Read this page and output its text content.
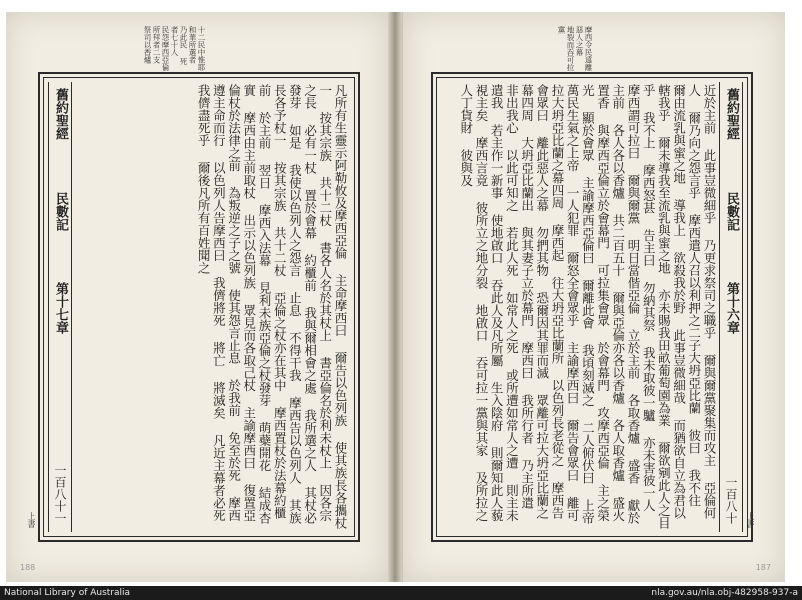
十二民中惟耶和華所選者 乃此民 死者七十人 民怨摩西亞倫 所拜者二支 祭司以香爐
舊約聖經
民數記
第十七章
一百八十一	凡所有生靈示阿勒攸及摩西亞倫 主命摩西曰 爾告以色列族 使其族長各攜杖一 按其宗族 共十二杖 書各人名於其杖上 書亞倫名於利未杖上 因各宗之長 必有一杖 置於會幕 約櫃前 我與爾相會之處 我所選之人 其杖必發芽 如是 我使以色列人之怨言 止息 不得干我 摩西告以色列人 其族長各予杖一 按其宗族 共十二杖 亞倫之杖亦在其中 摩西置杖於法幕約櫃前 於主前 翌日 摩西入法幕 見利未族亞倫之杖發芽 萌蘗開花 結成杏實 摩西由主前取杖 出示以色列族 眾見而各取己杖 主諭摩西曰 復置亞倫杖於法律之前 為叛逆之子之號 使其怨言止息 於我前 免至於死 摩西遵主命而行 以色列人告摩西曰 我儕將死 將亡 將滅矣 凡近主幕者必死 我儕盡死乎 爾後凡所有百姓聞之

上書
188
摩西令民遠離惡人之幕 地裂而吞可拉黨
舊約聖經
民數記
第十六章
一百八十

近於主前 此事豈微細乎 乃更求祭司之職乎 爾與爾黨聚集而攻主 亞倫何人 爾乃向之怨言乎 摩西遣人召以利押之二子大坍亞比蘭 彼曰 我不往 爾由流乳與蜜之地 導我上 欲殺我於野 此事豈微細哉 而猶欲自立為君以轄我乎 爾未導我至流乳與蜜之地 亦未賜我田畝葡萄園為業 爾欲剜此人之目乎 我不上 摩西怒甚 告主曰 勿納其祭 我未取彼一驢 亦未害彼一人 摩西謂可拉曰 爾與爾黨 明日當偕亞倫 立於主前 各取香爐 盛香 獻於主前 各人各以香爐 共二百五十 爾與亞倫亦各以香爐 各人取香爐 盛火置香 與摩西亞倫立於會幕門 可拉集會眾 於會幕門 攻摩西亞倫 主之榮光 顯於會眾 主諭摩西亞倫曰 爾離此會 我頃刻滅之 二人俯伏曰 上帝 萬民生氣之上帝 一人犯罪 爾怒全會眾乎 主諭摩西曰 爾告會眾曰 離可拉大坍亞比蘭之幕四周 摩西起 往大坍亞比蘭所 以色列長老從之 摩西告會眾曰 離此惡人之幕 勿捫其物 恐爾因其罪而滅 眾離可拉大坍亞比蘭之幕四周 大坍亞比蘭出 與其妻子立於幕門 摩西曰 我所行者 乃主所遣 非出我心 以此可知之 若此人死 如常人之死 或所遭如常人之遭 則主未遣我 若主作一新事 使地啟口 吞此人及凡所屬 生入陰府 則爾知此人藐視主矣 摩西言竟 彼所立之地分裂 地啟口 吞可拉一黨與其家 及所拉之人丁貨財 彼與及

上書
187
National Library of Australia	nla.gov.au/nla.obj-482958-937-a
